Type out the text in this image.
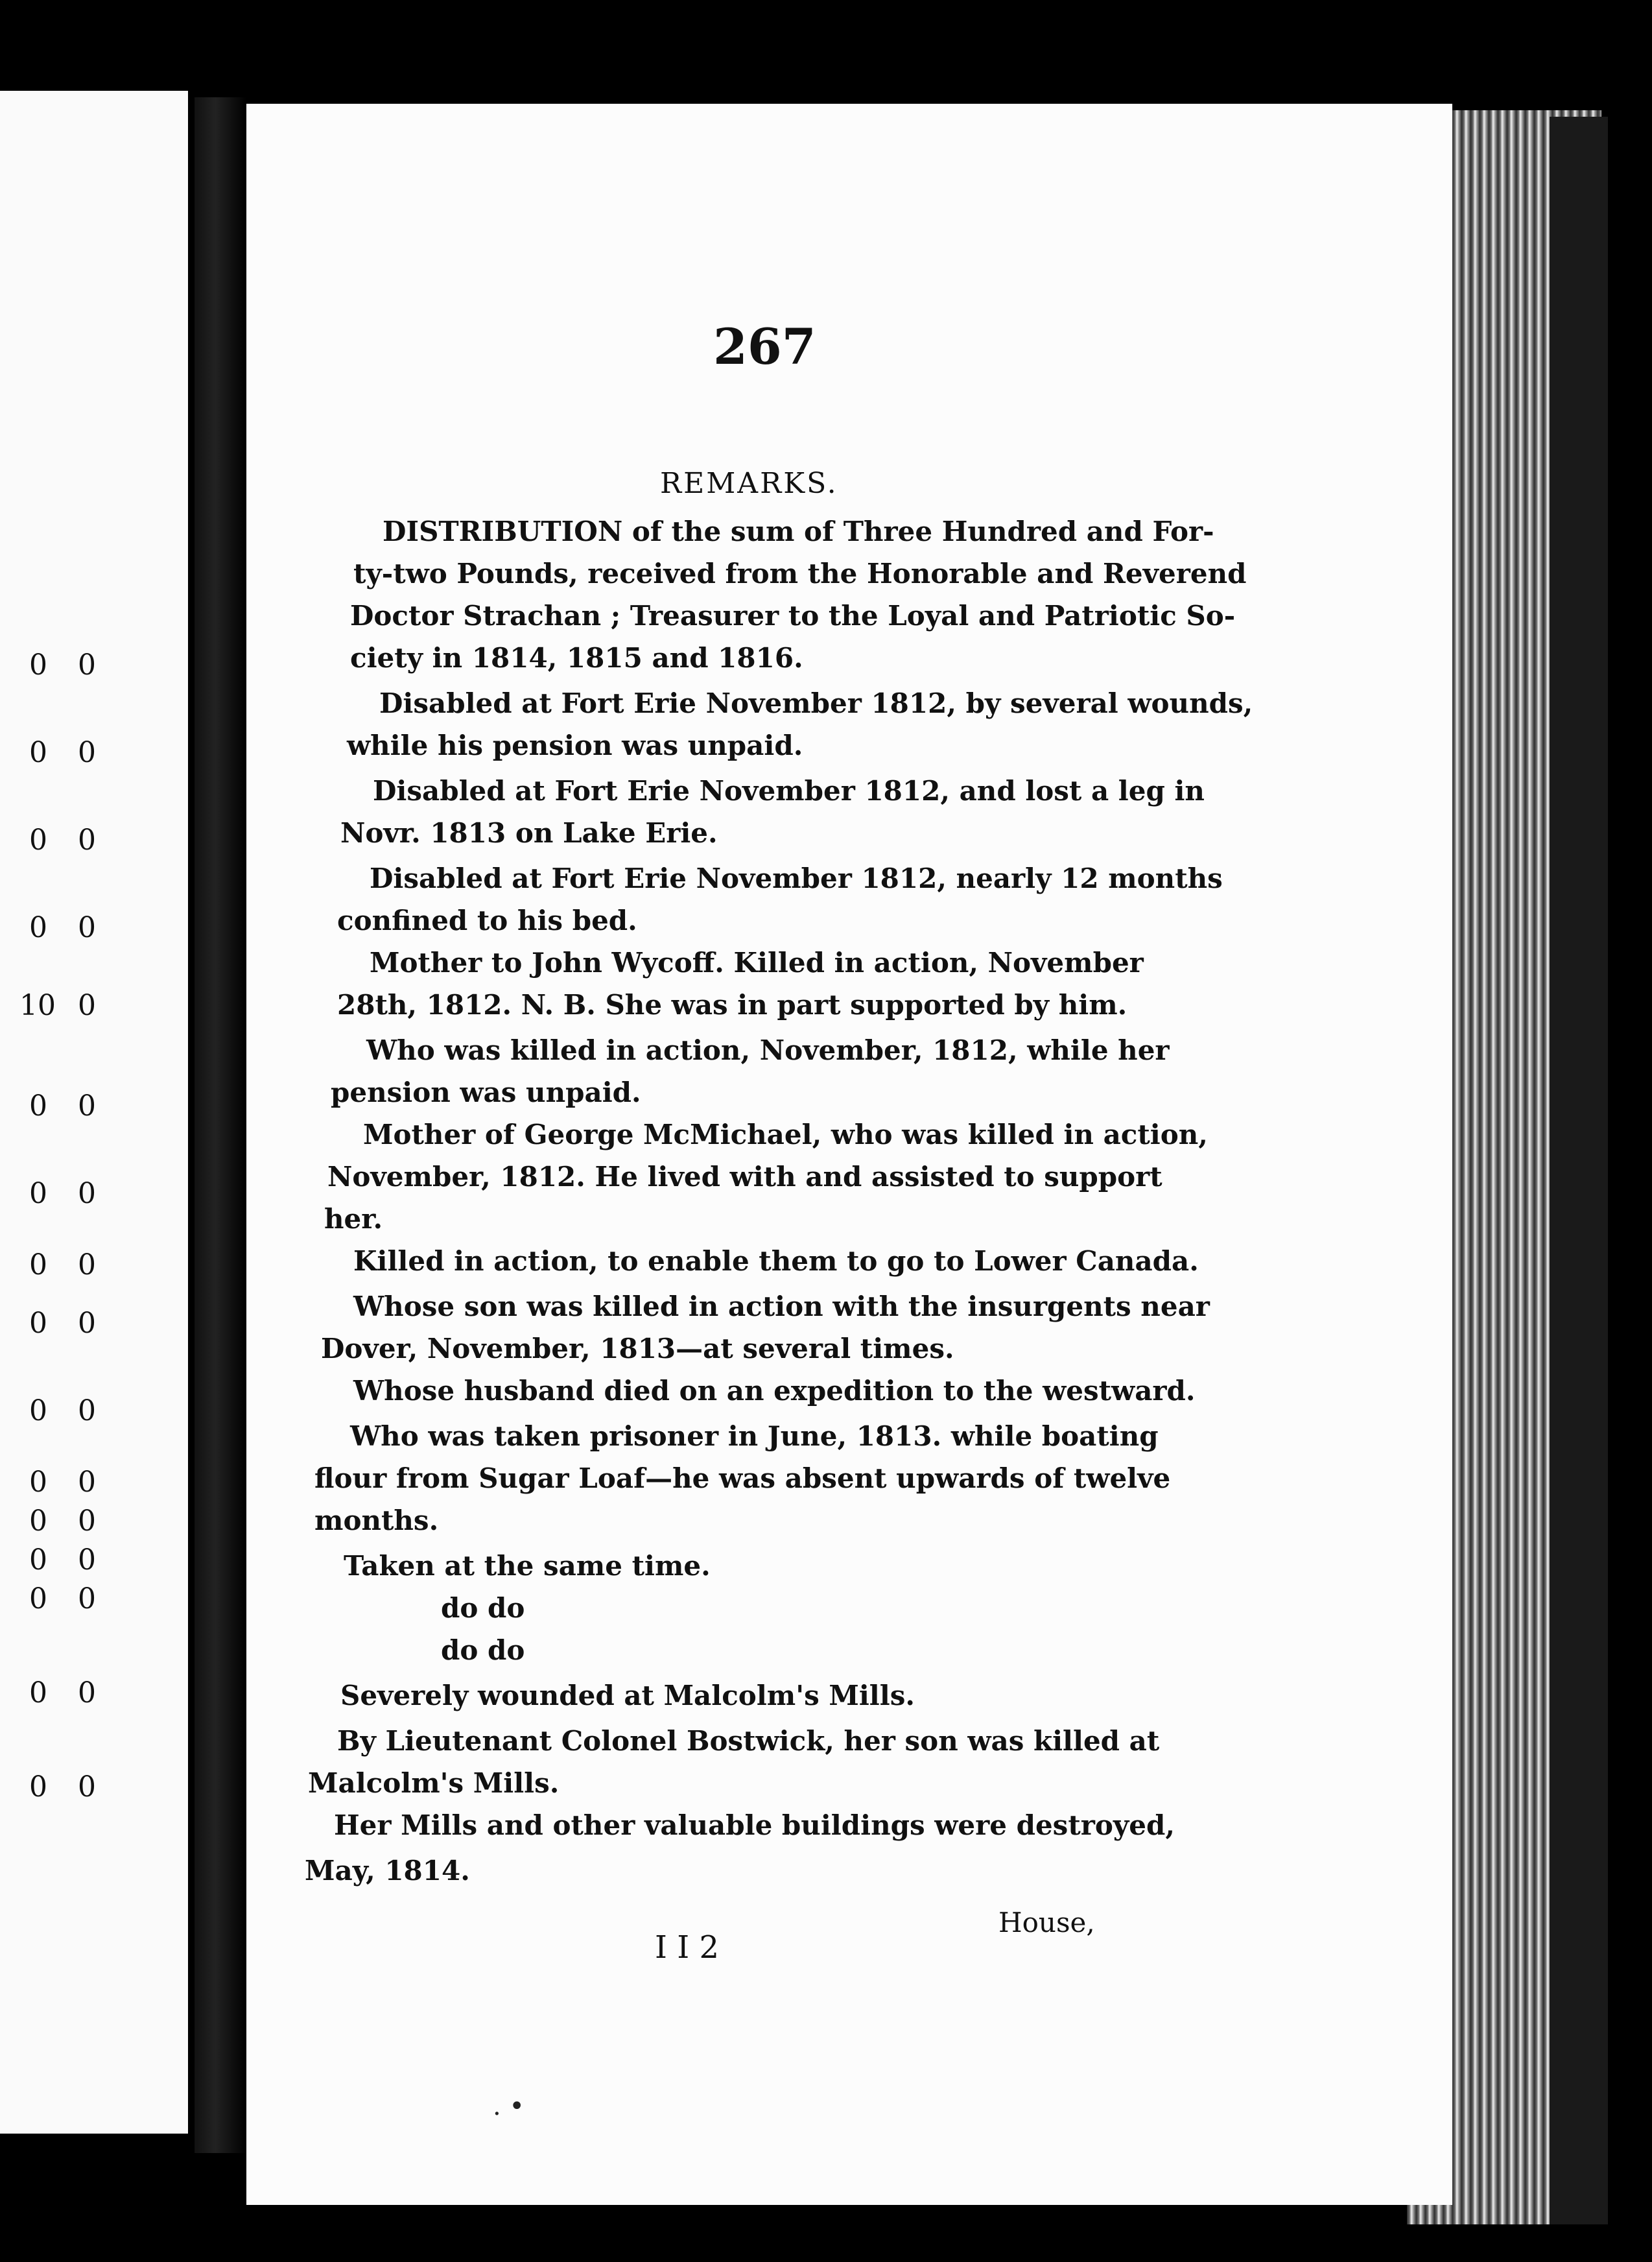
0 0
0 0
0 0
0 0
10 0
0 0
0 0
0 0
0 0
0 0
0 0
0 0
0 0
0 0
0 0
0 0
267
REMARKS.
DISTRIBUTION of the sum of Three Hundred and For-
ty-two Pounds, received from the Honorable and Reverend
Doctor Strachan ; Treasurer to the Loyal and Patriotic So-
ciety in 1814, 1815 and 1816.
Disabled at Fort Erie November 1812, by several wounds,
while his pension was unpaid.
Disabled at Fort Erie November 1812, and lost a leg in
Novr. 1813 on Lake Erie.
Disabled at Fort Erie November 1812, nearly 12 months
confined to his bed.
Mother to John Wycoff. Killed in action, November
28th, 1812. N. B. She was in part supported by him.
Who was killed in action, November, 1812, while her
pension was unpaid.
Mother of George McMichael, who was killed in action,
November, 1812. He lived with and assisted to support
her.
Killed in action, to enable them to go to Lower Canada.
Whose son was killed in action with the insurgents near
Dover, November, 1813—at several times.
Whose husband died on an expedition to the westward.
Who was taken prisoner in June, 1813. while boating
flour from Sugar Loaf—he was absent upwards of twelve
months.
Taken at the same time.
do do
do do
Severely wounded at Malcolm's Mills.
By Lieutenant Colonel Bostwick, her son was killed at
Malcolm's Mills.
Her Mills and other valuable buildings were destroyed,
May, 1814.
House,
I I 2
. •
